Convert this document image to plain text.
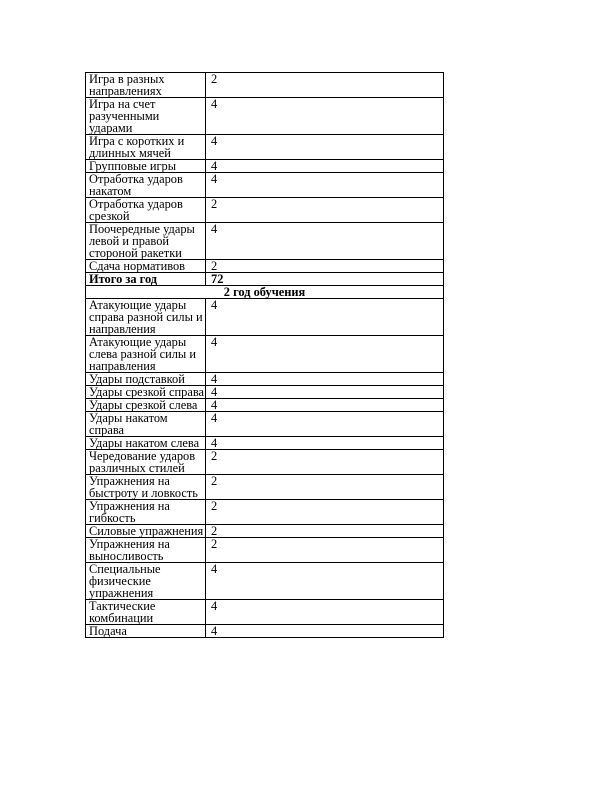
Игра в разных направлениях	2
Игра на счет разученными ударами	4
Игра с коротких и длинных мячей	4
Групповые игры	4
Отработка ударов накатом	4
Отработка ударов срезкой	2
Поочередные удары левой и правой стороной ракетки	4
Сдача нормативов	2
Итого за год	72
2 год обучения	
Атакующие удары справа разной силы и направления	4
Атакующие удары слева разной силы и направления	4
Удары подставкой	4
Удары срезкой справа	4
Удары срезкой слева	4
Удары накатом справа	4
Удары накатом слева	4
Чередование ударов различных стилей	2
Упражнения на быстроту и ловкость	2
Упражнения на гибкость	2
Силовые упражнения	2
Упражнения на выносливость	2
Специальные физические упражнения	4
Тактические комбинации	4
Подача	4
